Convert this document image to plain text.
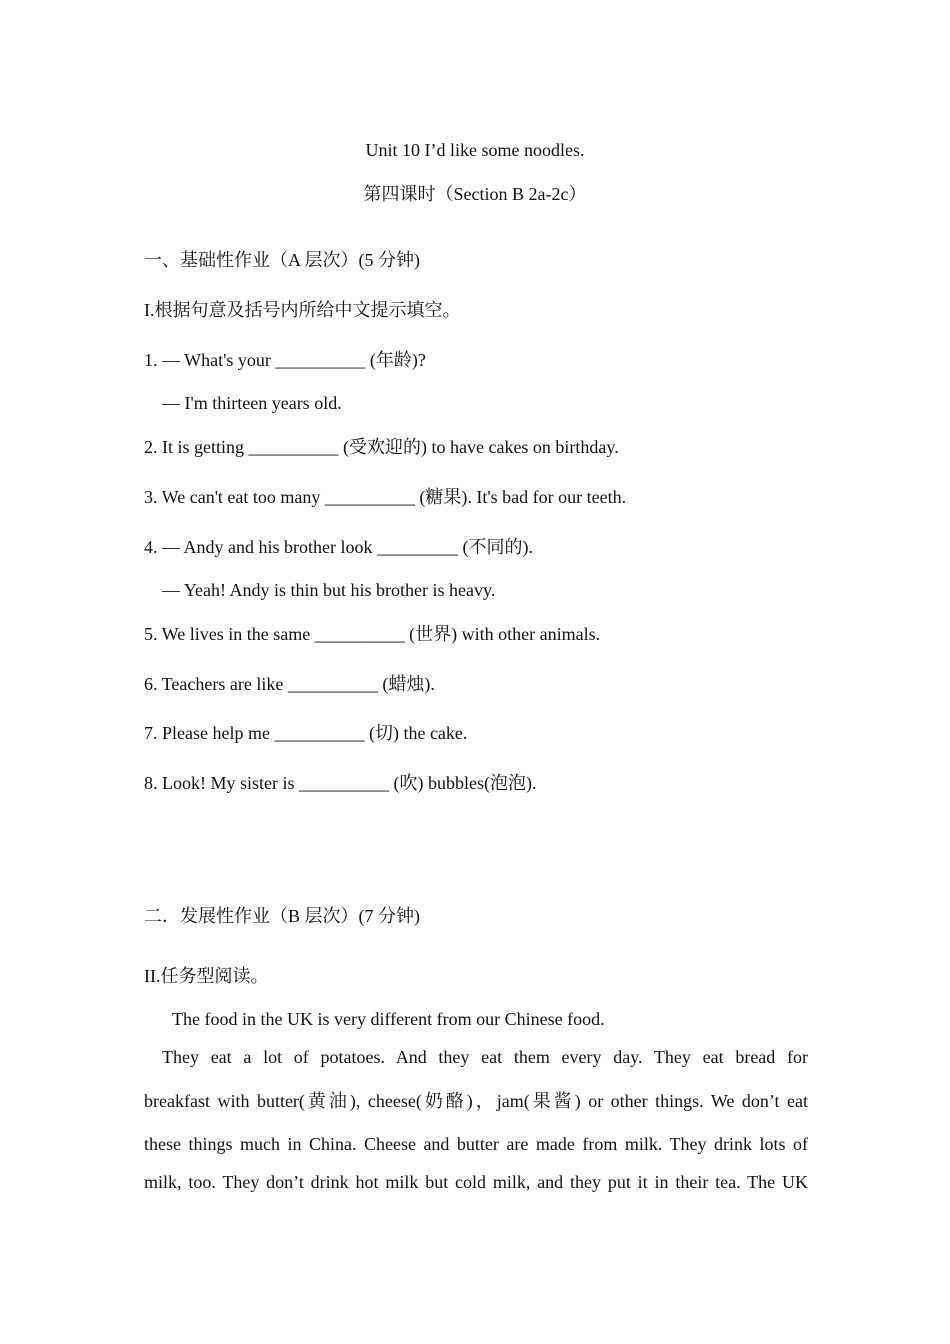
Unit 10 I’d like some noodles.
第四课时（Section B 2a-2c）
一、基础性作业（A 层次）(5 分钟)
I.根据句意及括号内所给中文提示填空。
1. — What's your __________ (年龄)?
— I'm thirteen years old.
2. It is getting __________ (受欢迎的) to have cakes on birthday.
3. We can't eat too many __________ (糖果). It's bad for our teeth.
4. — Andy and his brother look _________ (不同的).
— Yeah! Andy is thin but his brother is heavy.
5. We lives in the same __________ (世界) with other animals.
6. Teachers are like __________ (蜡烛).
7. Please help me __________ (切) the cake.
8. Look! My sister is __________ (吹) bubbles(泡泡).
二．发展性作业（B 层次）(7 分钟)
II.任务型阅读。
The food in the UK is very different from our Chinese food.
They eat a lot of potatoes. And they eat them every day. They eat bread for
breakfast with butter(黄油), cheese(奶酪)，jam(果酱) or other things. We don’t eat
these things much in China. Cheese and butter are made from milk. They drink lots of
milk, too. They don’t drink hot milk but cold milk, and they put it in their tea. The UK
